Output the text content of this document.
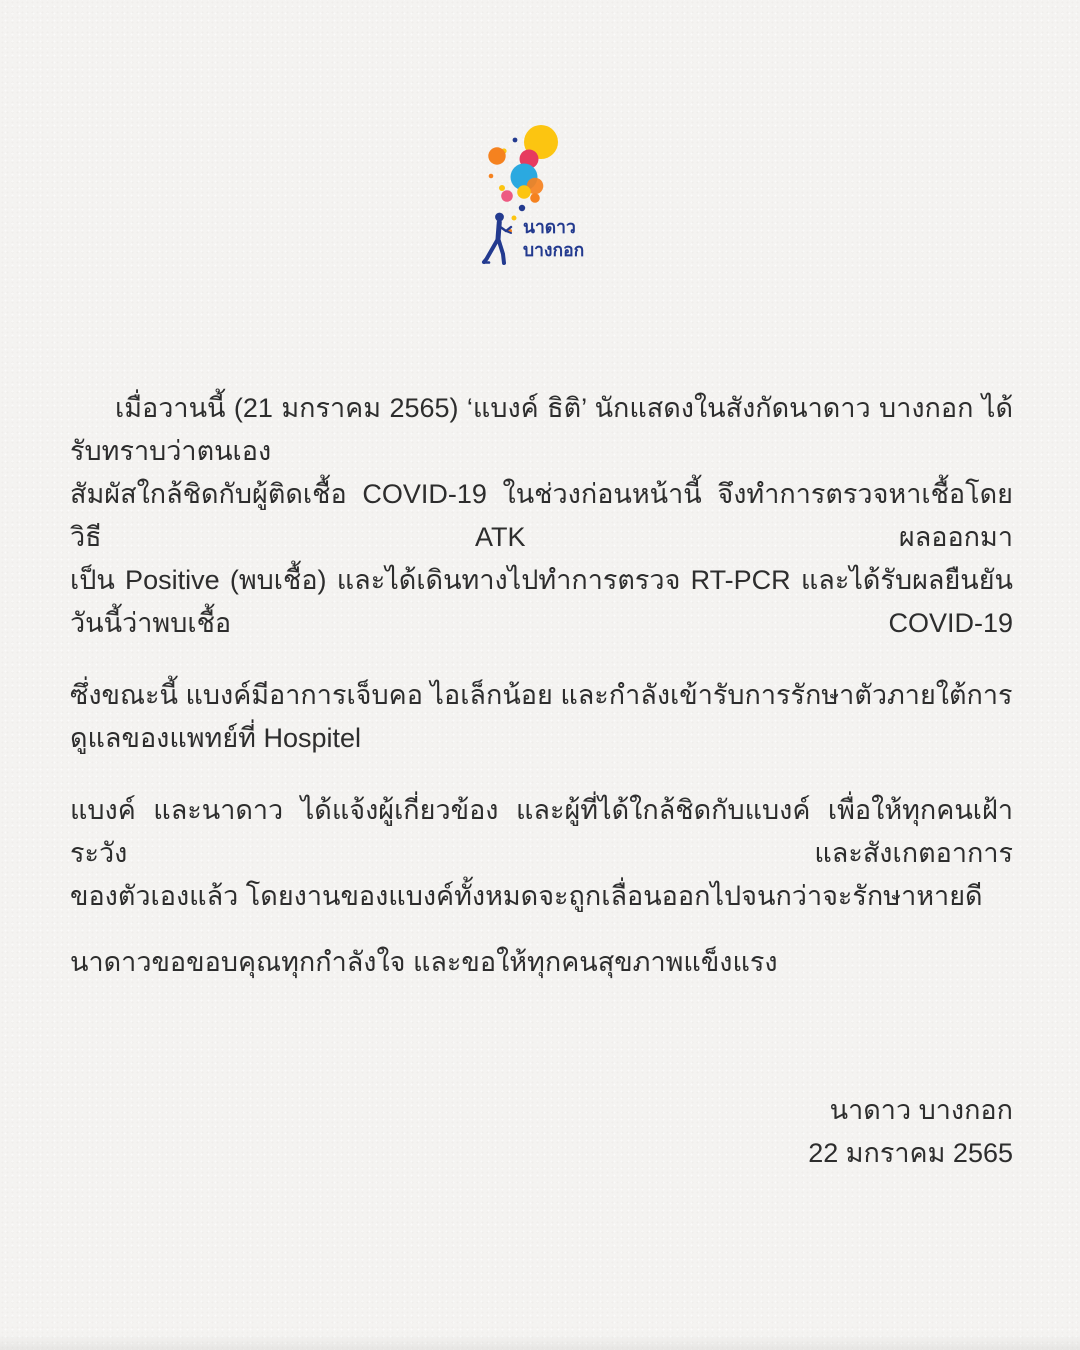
นาดาว
บางกอก

เมื่อวานนี้ (21 มกราคม 2565) ‘แบงค์ ธิติ’ นักแสดงในสังกัดนาดาว บางกอก ได้รับทราบว่าตนเอง
สัมผัสใกล้ชิดกับผู้ติดเชื้อ COVID-19 ในช่วงก่อนหน้านี้ จึงทำการตรวจหาเชื้อโดยวิธี ATK ผลออกมา
เป็น Positive (พบเชื้อ) และได้เดินทางไปทำการตรวจ RT-PCR และได้รับผลยืนยันวันนี้ว่าพบเชื้อ COVID-19

ซึ่งขณะนี้ แบงค์มีอาการเจ็บคอ ไอเล็กน้อย และกำลังเข้ารับการรักษาตัวภายใต้การดูแลของแพทย์ที่ Hospitel

แบงค์ และนาดาว ได้แจ้งผู้เกี่ยวข้อง และผู้ที่ได้ใกล้ชิดกับแบงค์ เพื่อให้ทุกคนเฝ้าระวัง และสังเกตอาการ
ของตัวเองแล้ว โดยงานของแบงค์ทั้งหมดจะถูกเลื่อนออกไปจนกว่าจะรักษาหายดี

นาดาวขอขอบคุณทุกกำลังใจ และขอให้ทุกคนสุขภาพแข็งแรง

นาดาว บางกอก
22 มกราคม 2565
